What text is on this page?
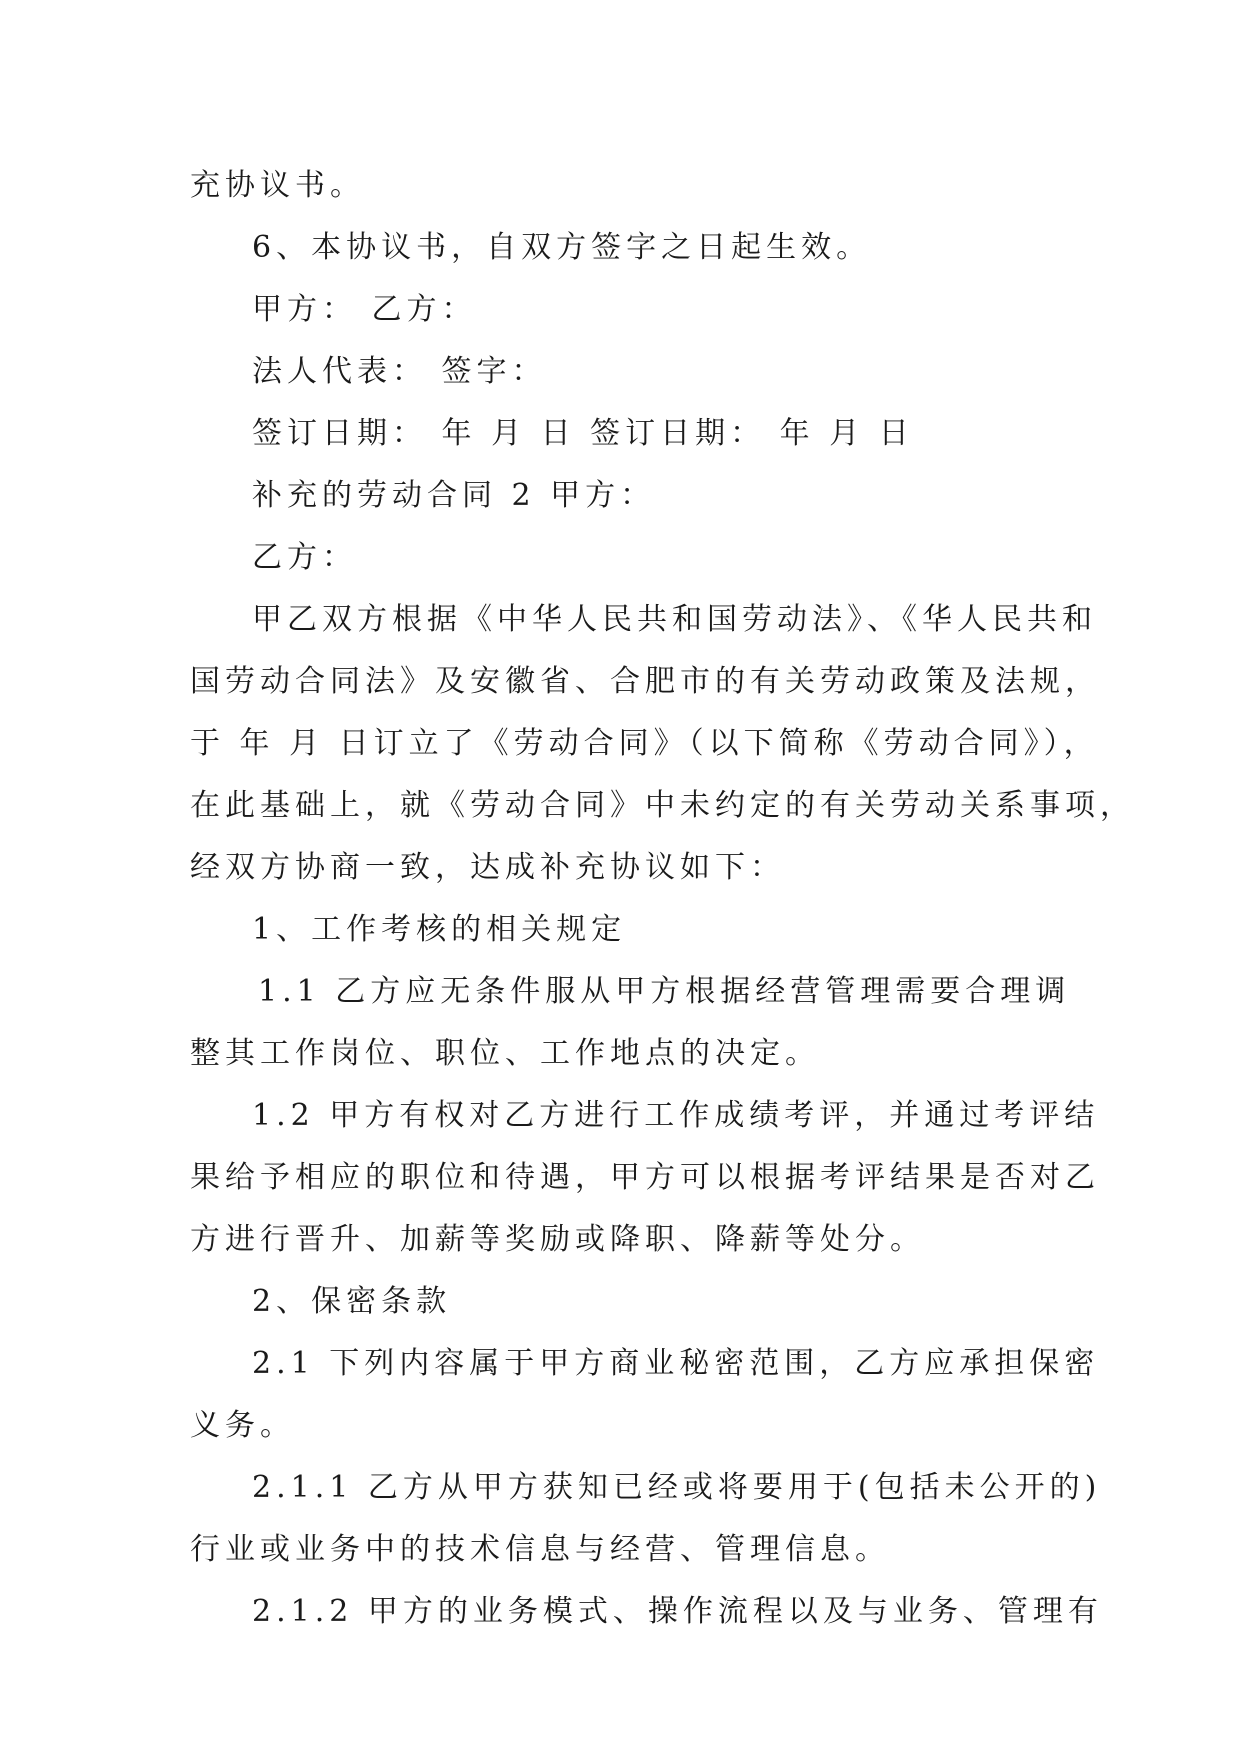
充协议书。

6、本协议书，自双方签字之日起生效。

甲方： 乙方：

法人代表： 签字：

签订日期： 年 月 日 签订日期： 年 月 日

补充的劳动合同 2 甲方：

乙方：

甲乙双方根据《中华人民共和国劳动法》、《华人民共和

国劳动合同法》及安徽省、合肥市的有关劳动政策及法规，

于 年 月 日订立了《劳动合同》（以下简称《劳动合同》），

在此基础上，就《劳动合同》中未约定的有关劳动关系事项，

经双方协商一致，达成补充协议如下：

1、工作考核的相关规定

1.1 乙方应无条件服从甲方根据经营管理需要合理调

整其工作岗位、职位、工作地点的决定。

1.2 甲方有权对乙方进行工作成绩考评，并通过考评结

果给予相应的职位和待遇，甲方可以根据考评结果是否对乙

方进行晋升、加薪等奖励或降职、降薪等处分。

2、保密条款

2.1 下列内容属于甲方商业秘密范围，乙方应承担保密

义务。

2.1.1 乙方从甲方获知已经或将要用于(包括未公开的)

行业或业务中的技术信息与经营、管理信息。

2.1.2 甲方的业务模式、操作流程以及与业务、管理有
